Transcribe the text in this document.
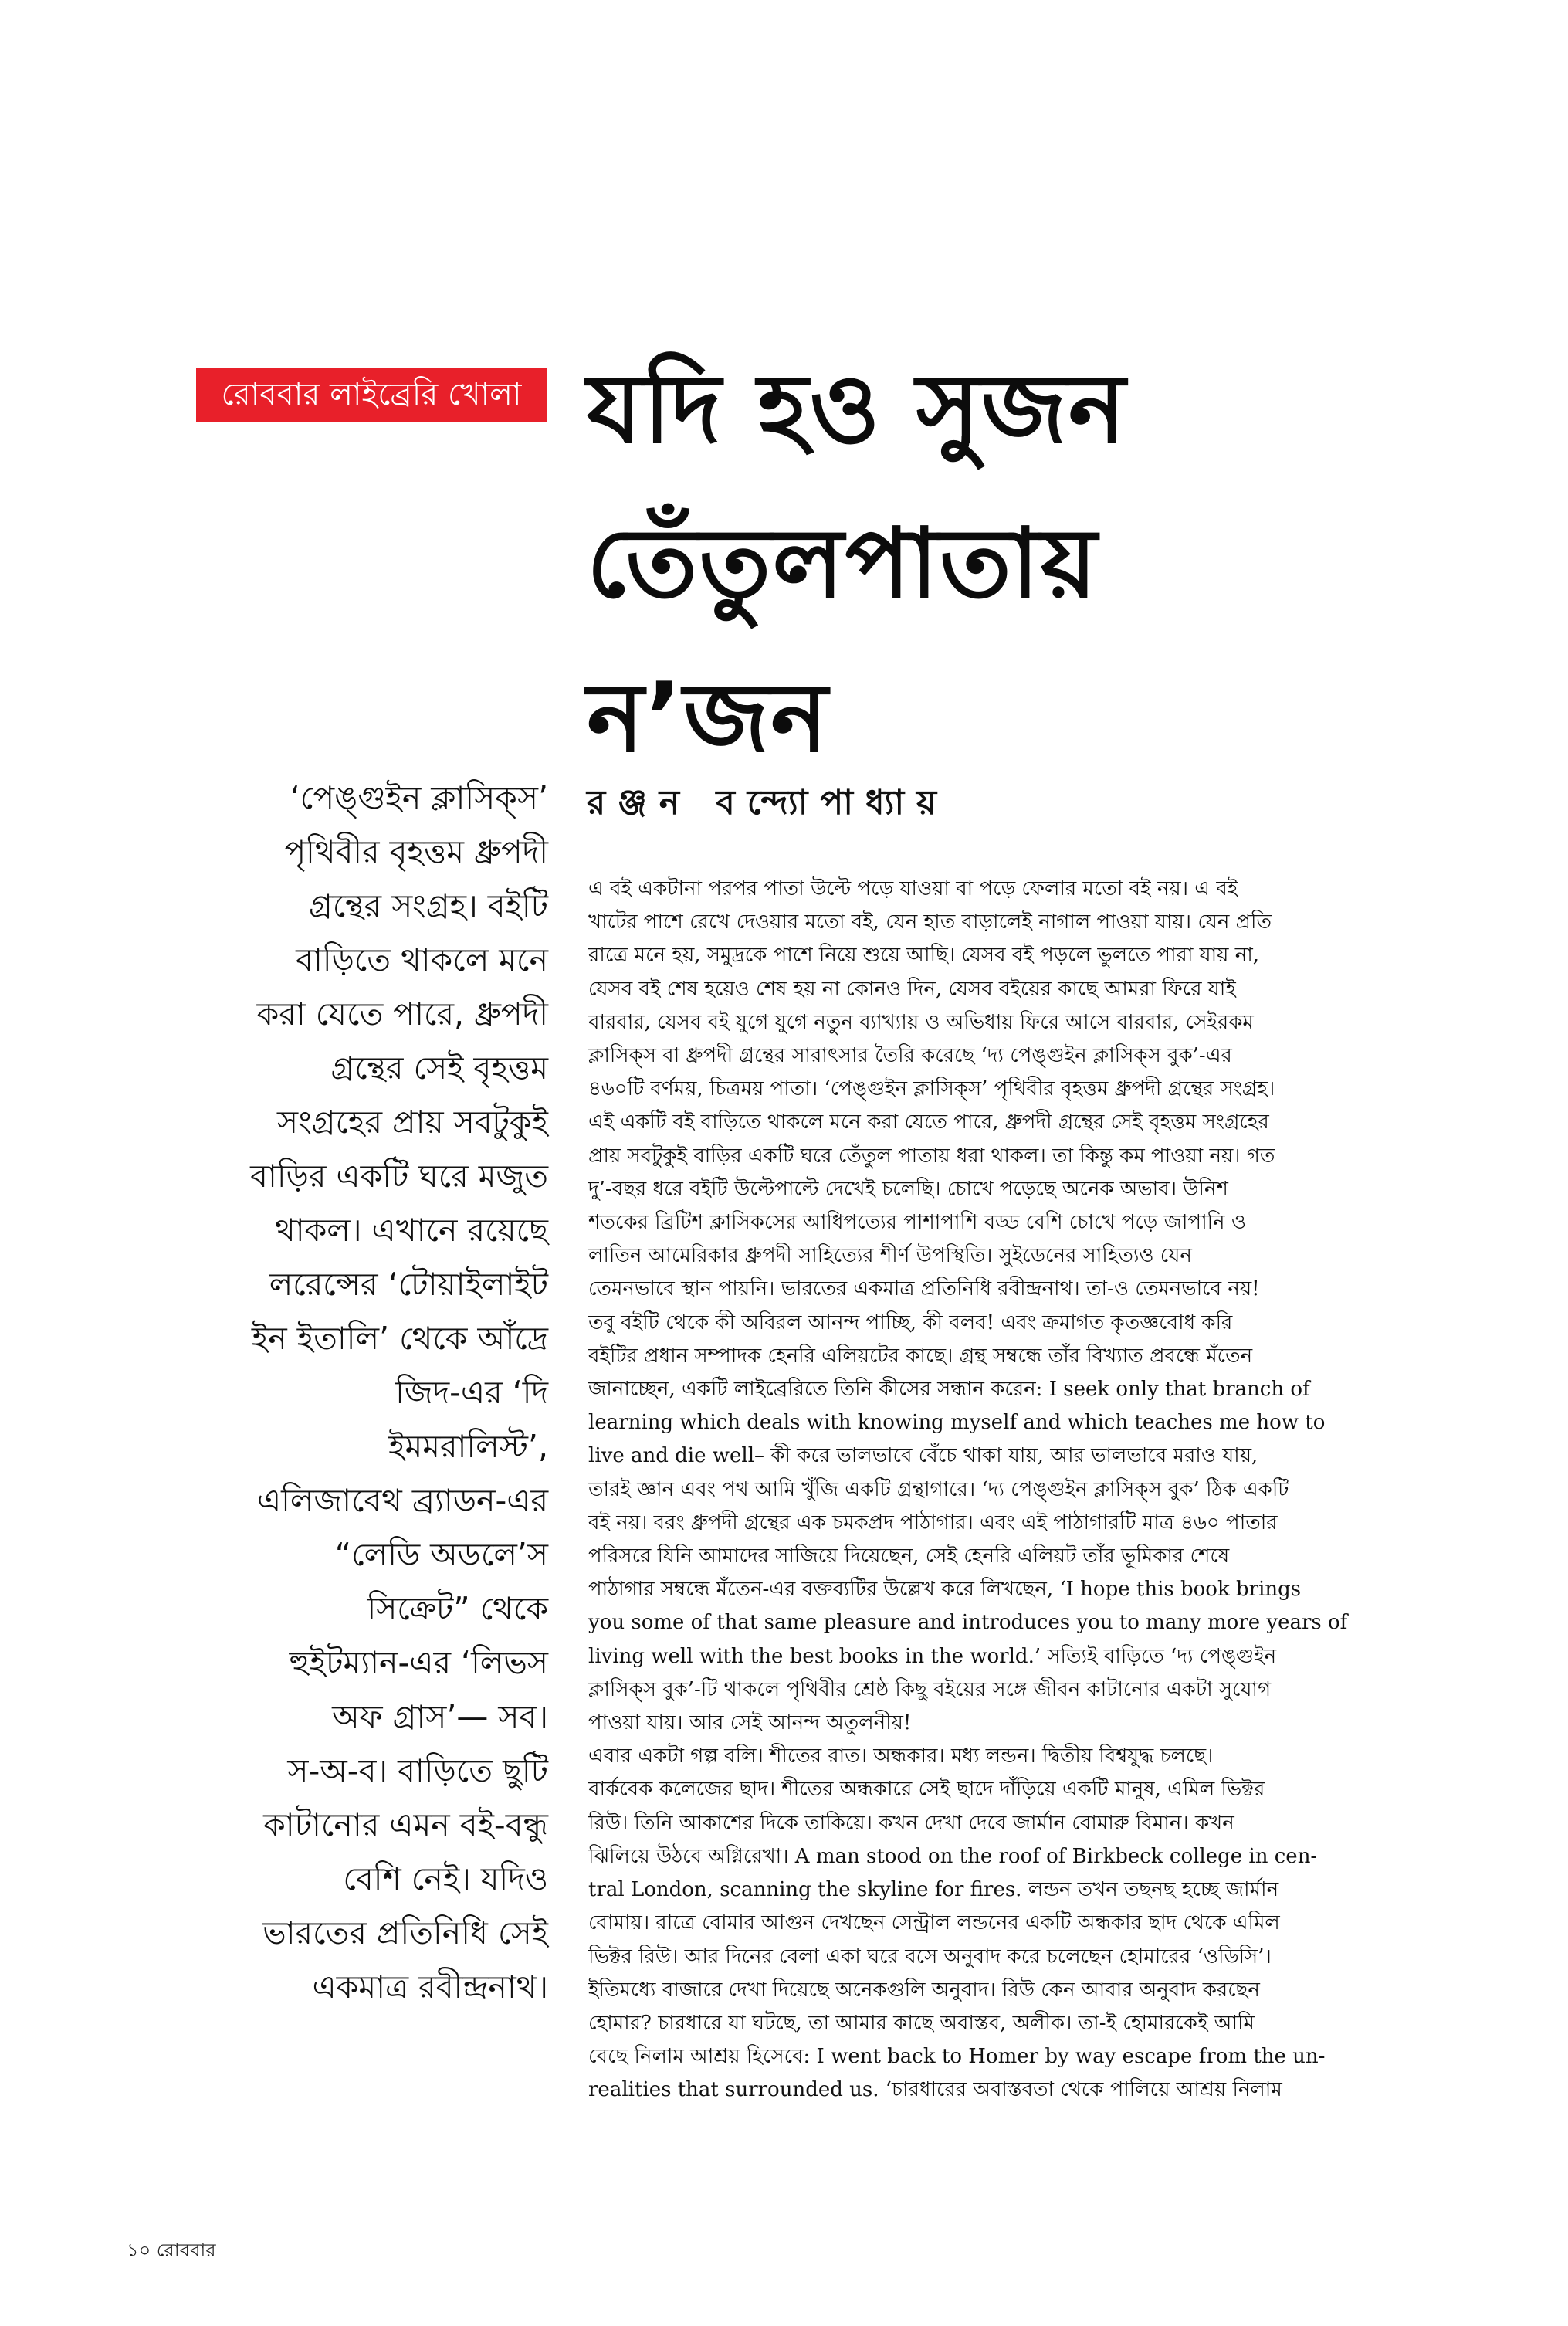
রোববার লাইব্রেরি খোলা যদি হও সুজন
তেঁতুলপাতায়
ন’জন
রঞ্জন বন্দ্যোপাধ্যায়
‘পেঙ্গুইন ক্লাসিক্‌স’
পৃথিবীর বৃহত্তম ধ্রুপদী
গ্রন্থের সংগ্রহ। বইটি
বাড়িতে থাকলে মনে
করা যেতে পারে, ধ্রুপদী
গ্রন্থের সেই বৃহত্তম
সংগ্রহের প্রায় সবটুকুই
বাড়ির একটি ঘরে মজুত
থাকল। এখানে রয়েছে
লরেন্সের ‘টোয়াইলাইট
ইন ইতালি’ থেকে আঁদ্রে
জিদ-এর ‘দি
ইমমরালিস্ট’,
এলিজাবেথ ব্র্যাডন-এর
“লেডি অডলে’স
সিক্রেট” থেকে
হুইটম্যান-এর ‘লিভস
অফ গ্রাস’— সব।
স-অ-ব। বাড়িতে ছুটি
কাটানোর এমন বই-বন্ধু
বেশি নেই। যদিও
ভারতের প্রতিনিধি সেই
একমাত্র রবীন্দ্রনাথ।
এ বই একটানা পরপর পাতা উল্টে পড়ে যাওয়া বা পড়ে ফেলার মতো বই নয়। এ বই
খাটের পাশে রেখে দেওয়ার মতো বই, যেন হাত বাড়ালেই নাগাল পাওয়া যায়। যেন প্রতি
রাত্রে মনে হয়, সমুদ্রকে পাশে নিয়ে শুয়ে আছি। যেসব বই পড়লে ভুলতে পারা যায় না,
যেসব বই শেষ হয়েও শেষ হয় না কোনও দিন, যেসব বইয়ের কাছে আমরা ফিরে যাই
বারবার, যেসব বই যুগে যুগে নতুন ব্যাখ্যায় ও অভিধায় ফিরে আসে বারবার, সেইরকম
ক্লাসিক্‌স বা ধ্রুপদী গ্রন্থের সারাৎসার তৈরি করেছে ‘দ্য পেঙ্গুইন ক্লাসিক্‌স বুক’-এর
৪৬০টি বর্ণময়, চিত্রময় পাতা। ‘পেঙ্গুইন ক্লাসিক্‌স’ পৃথিবীর বৃহত্তম ধ্রুপদী গ্রন্থের সংগ্রহ।
এই একটি বই বাড়িতে থাকলে মনে করা যেতে পারে, ধ্রুপদী গ্রন্থের সেই বৃহত্তম সংগ্রহের
প্রায় সবটুকুই বাড়ির একটি ঘরে তেঁতুল পাতায় ধরা থাকল। তা কিন্তু কম পাওয়া নয়। গত
দু’-বছর ধরে বইটি উল্টেপাল্টে দেখেই চলেছি। চোখে পড়েছে অনেক অভাব। উনিশ
শতকের ব্রিটিশ ক্লাসিকসের আধিপত্যের পাশাপাশি বড্ড বেশি চোখে পড়ে জাপানি ও
লাতিন আমেরিকার ধ্রুপদী সাহিত্যের শীর্ণ উপস্থিতি। সুইডেনের সাহিত্যও যেন
তেমনভাবে স্থান পায়নি। ভারতের একমাত্র প্রতিনিধি রবীন্দ্রনাথ। তা-ও তেমনভাবে নয়!
তবু বইটি থেকে কী অবিরল আনন্দ পাচ্ছি, কী বলব! এবং ক্রমাগত কৃতজ্ঞবোধ করি
বইটির প্রধান সম্পাদক হেনরি এলিয়টের কাছে। গ্রন্থ সম্বন্ধে তাঁর বিখ্যাত প্রবন্ধে মঁতেন
জানাচ্ছেন, একটি লাইব্রেরিতে তিনি কীসের সন্ধান করেন: I seek only that branch of
learning which deals with knowing myself and which teaches me how to
live and die well– কী করে ভালভাবে বেঁচে থাকা যায়, আর ভালভাবে মরাও যায়,
তারই জ্ঞান এবং পথ আমি খুঁজি একটি গ্রন্থাগারে। ‘দ্য পেঙ্গুইন ক্লাসিক্‌স বুক’ ঠিক একটি
বই নয়। বরং ধ্রুপদী গ্রন্থের এক চমকপ্রদ পাঠাগার। এবং এই পাঠাগারটি মাত্র ৪৬০ পাতার
পরিসরে যিনি আমাদের সাজিয়ে দিয়েছেন, সেই হেনরি এলিয়ট তাঁর ভূমিকার শেষে
পাঠাগার সম্বন্ধে মঁতেন-এর বক্তব্যটির উল্লেখ করে লিখছেন, ‘I hope this book brings
you some of that same pleasure and introduces you to many more years of
living well with the best books in the world.’ সত্যিই বাড়িতে ‘দ্য পেঙ্গুইন
ক্লাসিক্‌স বুক’-টি থাকলে পৃথিবীর শ্রেষ্ঠ কিছু বইয়ের সঙ্গে জীবন কাটানোর একটা সুযোগ
পাওয়া যায়। আর সেই আনন্দ অতুলনীয়!
এবার একটা গল্প বলি। শীতের রাত। অন্ধকার। মধ্য লন্ডন। দ্বিতীয় বিশ্বযুদ্ধ চলছে।
বার্কবেক কলেজের ছাদ। শীতের অন্ধকারে সেই ছাদে দাঁড়িয়ে একটি মানুষ, এমিল ভিক্টর
রিউ। তিনি আকাশের দিকে তাকিয়ে। কখন দেখা দেবে জার্মান বোমারু বিমান। কখন
ঝিলিয়ে উঠবে অগ্নিরেখা। A man stood on the roof of Birkbeck college in cen-
tral London, scanning the skyline for fires. লন্ডন তখন তছনছ হচ্ছে জার্মান
বোমায়। রাত্রে বোমার আগুন দেখছেন সেন্ট্রাল লন্ডনের একটি অন্ধকার ছাদ থেকে এমিল
ভিক্টর রিউ। আর দিনের বেলা একা ঘরে বসে অনুবাদ করে চলেছেন হোমারের ‘ওডিসি’।
ইতিমধ্যে বাজারে দেখা দিয়েছে অনেকগুলি অনুবাদ। রিউ কেন আবার অনুবাদ করছেন
হোমার? চারধারে যা ঘটছে, তা আমার কাছে অবাস্তব, অলীক। তা-ই হোমারকেই আমি
বেছে নিলাম আশ্রয় হিসেবে: I went back to Homer by way escape from the un-
realities that surrounded us. ‘চারধারের অবাস্তবতা থেকে পালিয়ে আশ্রয় নিলাম
১০ রোববার
